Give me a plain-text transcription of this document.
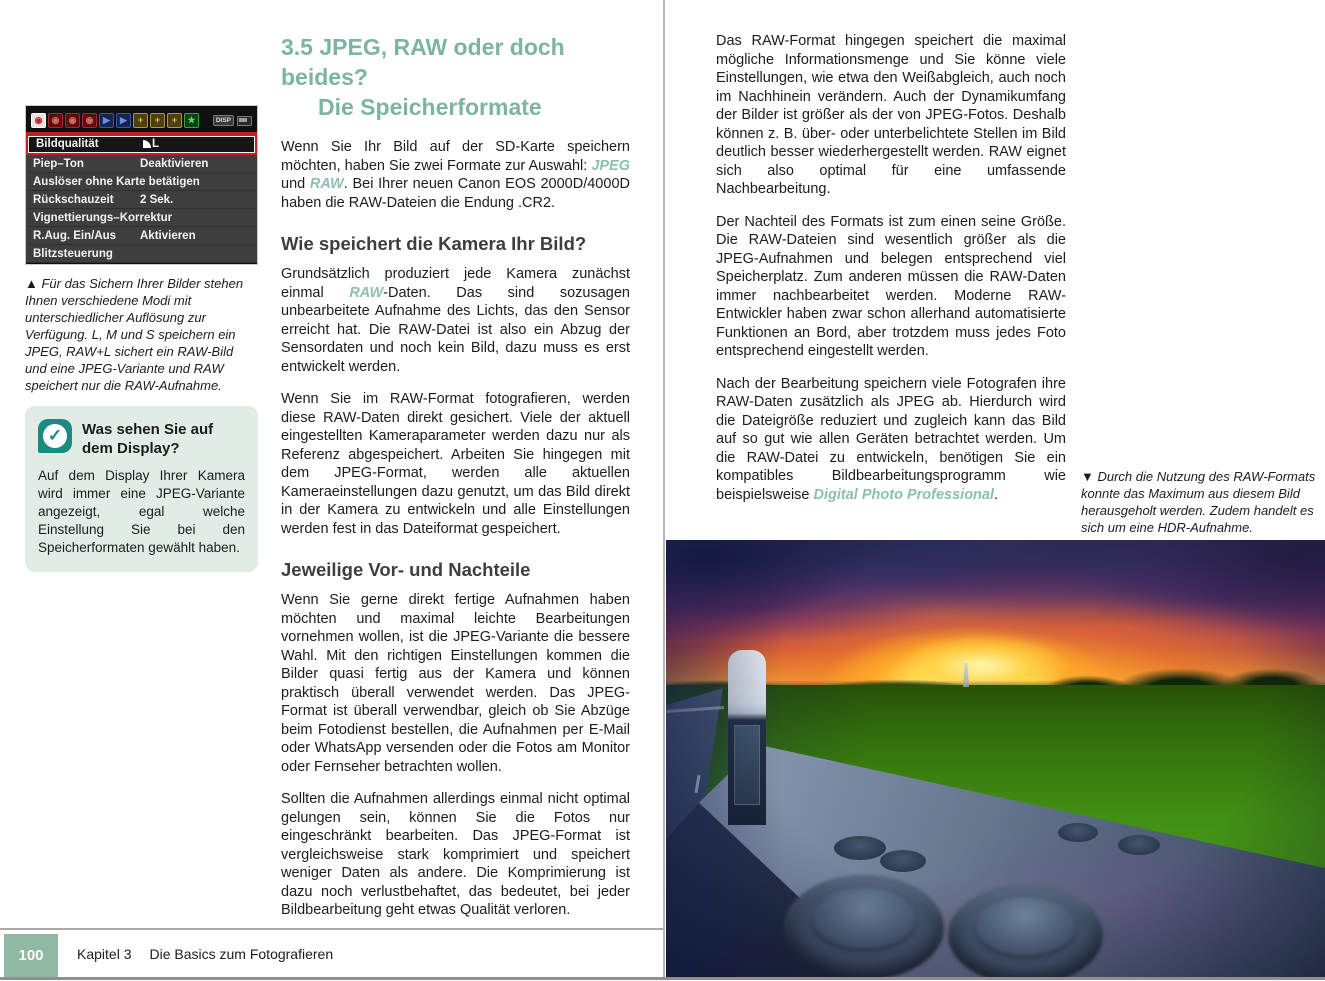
◉	◉	◉	◉	▶	▶	+	+	+	★	DISP
Bildqualität	L
Piep–Ton	Deaktivieren
Auslöser ohne Karte betätigen
Rückschauzeit 2 Sek.
Vignettierungs–Korrektur
R.Aug. Ein/Aus Aktivieren
Blitzsteuerung
▲ Für das Sichern Ihrer Bilder stehen Ihnen verschiedene Modi mit unterschiedlicher Auflösung zur Verfügung. L, M und S speichern ein JPEG, RAW+L sichert ein RAW-Bild und eine JPEG-Variante und RAW speichert nur die RAW-Aufnahme.
✓	Was sehen Sie auf dem Display?
Auf dem Display Ihrer Kamera wird immer eine JPEG-Variante angezeigt, egal welche Einstellung Sie bei den Speicherformaten gewählt haben.
3.5 JPEG, RAW oder doch beides?
Die Speicherformate

Wenn Sie Ihr Bild auf der SD-Karte speichern möchten, haben Sie zwei Formate zur Auswahl: JPEG und RAW. Bei Ihrer neuen Canon EOS 2000D/4000D haben die RAW-Dateien die Endung .CR2.

Wie speichert die Kamera Ihr Bild?

Grundsätzlich produziert jede Kamera zunächst einmal RAW-Daten. Das sind sozusagen unbearbeitete Aufnahme des Lichts, das den Sensor erreicht hat. Die RAW-Datei ist also ein Abzug der Sensordaten und noch kein Bild, dazu muss es erst entwickelt werden.

Wenn Sie im RAW-Format fotografieren, werden diese RAW-Daten direkt gesichert. Viele der aktuell eingestellten Kameraparameter werden dazu nur als Referenz abgespeichert. Arbeiten Sie hingegen mit dem JPEG-Format, werden alle aktuellen Kameraeinstellungen dazu genutzt, um das Bild direkt in der Kamera zu entwickeln und alle Einstellungen werden fest in das Dateiformat gespeichert.

Jeweilige Vor- und Nachteile

Wenn Sie gerne direkt fertige Aufnahmen haben möchten und maximal leichte Bearbeitungen vornehmen wollen, ist die JPEG-Variante die bessere Wahl. Mit den richtigen Einstellungen kommen die Bilder quasi fertig aus der Kamera und können praktisch überall verwendet werden. Das JPEG-Format ist überall verwendbar, gleich ob Sie Abzüge beim Fotodienst bestellen, die Aufnahmen per E-Mail oder WhatsApp versenden oder die Fotos am Monitor oder Fernseher betrachten wollen.

Sollten die Aufnahmen allerdings einmal nicht optimal gelungen sein, können Sie die Fotos nur eingeschränkt bearbeiten. Das JPEG-Format ist vergleichsweise stark komprimiert und speichert weniger Daten als andere. Die Komprimierung ist dazu noch verlustbehaftet, das bedeutet, bei jeder Bildbearbeitung geht etwas Qualität verloren.

Das RAW-Format hingegen speichert die maximal mögliche Informationsmenge und Sie könne viele Einstellungen, wie etwa den Weißabgleich, auch noch im Nachhinein verändern. Auch der Dynamikumfang der Bilder ist größer als der von JPEG-Fotos. Deshalb können z. B. über- oder unterbelichtete Stellen im Bild deutlich besser wiederhergestellt werden. RAW eignet sich also optimal für eine umfassende Nachbearbeitung.

Der Nachteil des Formats ist zum einen seine Größe. Die RAW-Dateien sind wesentlich größer als die JPEG-Aufnahmen und belegen entsprechend viel Speicherplatz. Zum anderen müssen die RAW-Daten immer nachbearbeitet werden. Moderne RAW-Entwickler haben zwar schon allerhand automatisierte Funktionen an Bord, aber trotzdem muss jedes Foto entsprechend eingestellt werden.

Nach der Bearbeitung speichern viele Fotografen ihre RAW-Daten zusätzlich als JPEG ab. Hierdurch wird die Dateigröße reduziert und zugleich kann das Bild auf so gut wie allen Geräten betrachtet werden. Um die RAW-Datei zu entwickeln, benötigen Sie ein kompatibles Bildbearbeitungsprogramm wie beispielsweise Digital Photo Professional.

▼ Durch die Nutzung des RAW-Formats konnte das Maximum aus diesem Bild herausgeholt werden. Zudem handelt es sich um eine HDR-Aufnahme.
100	Kapitel 3 Die Basics zum Fotografieren
